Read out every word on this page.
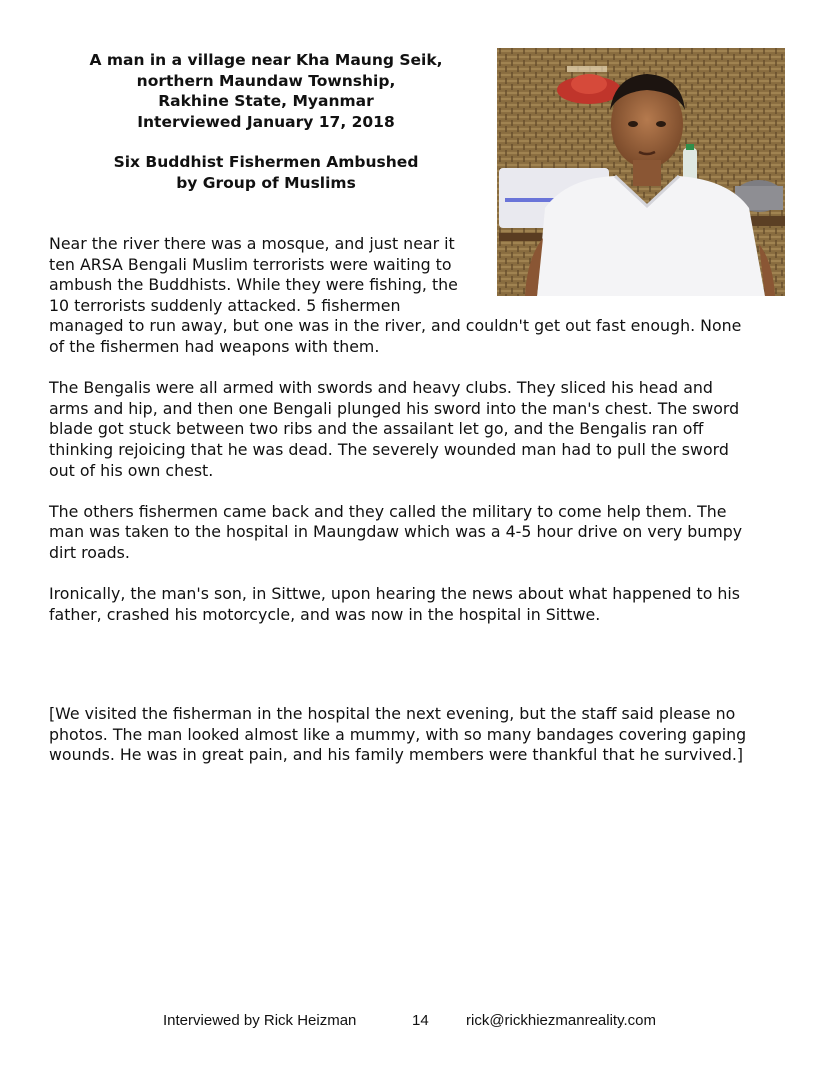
A man in a village near Kha Maung Seik,
northern Maundaw Township,
Rakhine State, Myanmar
Interviewed January 17, 2018
Six Buddhist Fishermen Ambushed
by Group of Muslims
Near the river there was a mosque, and just near it
ten ARSA Bengali Muslim terrorists were waiting to
ambush the Buddhists. While they were fishing, the
10 terrorists suddenly attacked. 5 fishermen
managed to run away, but one was in the river, and couldn't get out fast enough. None
of the fishermen had weapons with them.
The Bengalis were all armed with swords and heavy clubs. They sliced his head and
arms and hip, and then one Bengali plunged his sword into the man's chest. The sword
blade got stuck between two ribs and the assailant let go, and the Bengalis ran off
thinking rejoicing that he was dead. The severely wounded man had to pull the sword
out of his own chest.
The others fishermen came back and they called the military to come help them. The
man was taken to the hospital in Maungdaw which was a 4-5 hour drive on very bumpy
dirt roads.
Ironically, the man's son, in Sittwe, upon hearing the news about what happened to his
father, crashed his motorcycle, and was now in the hospital in Sittwe.
[We visited the fisherman in the hospital the next evening, but the staff said please no
photos. The man looked almost like a mummy, with so many bandages covering gaping
wounds. He was in great pain, and his family members were thankful that he survived.]
Interviewed by Rick Heizman	14 rick@rickhiezmanreality.com
